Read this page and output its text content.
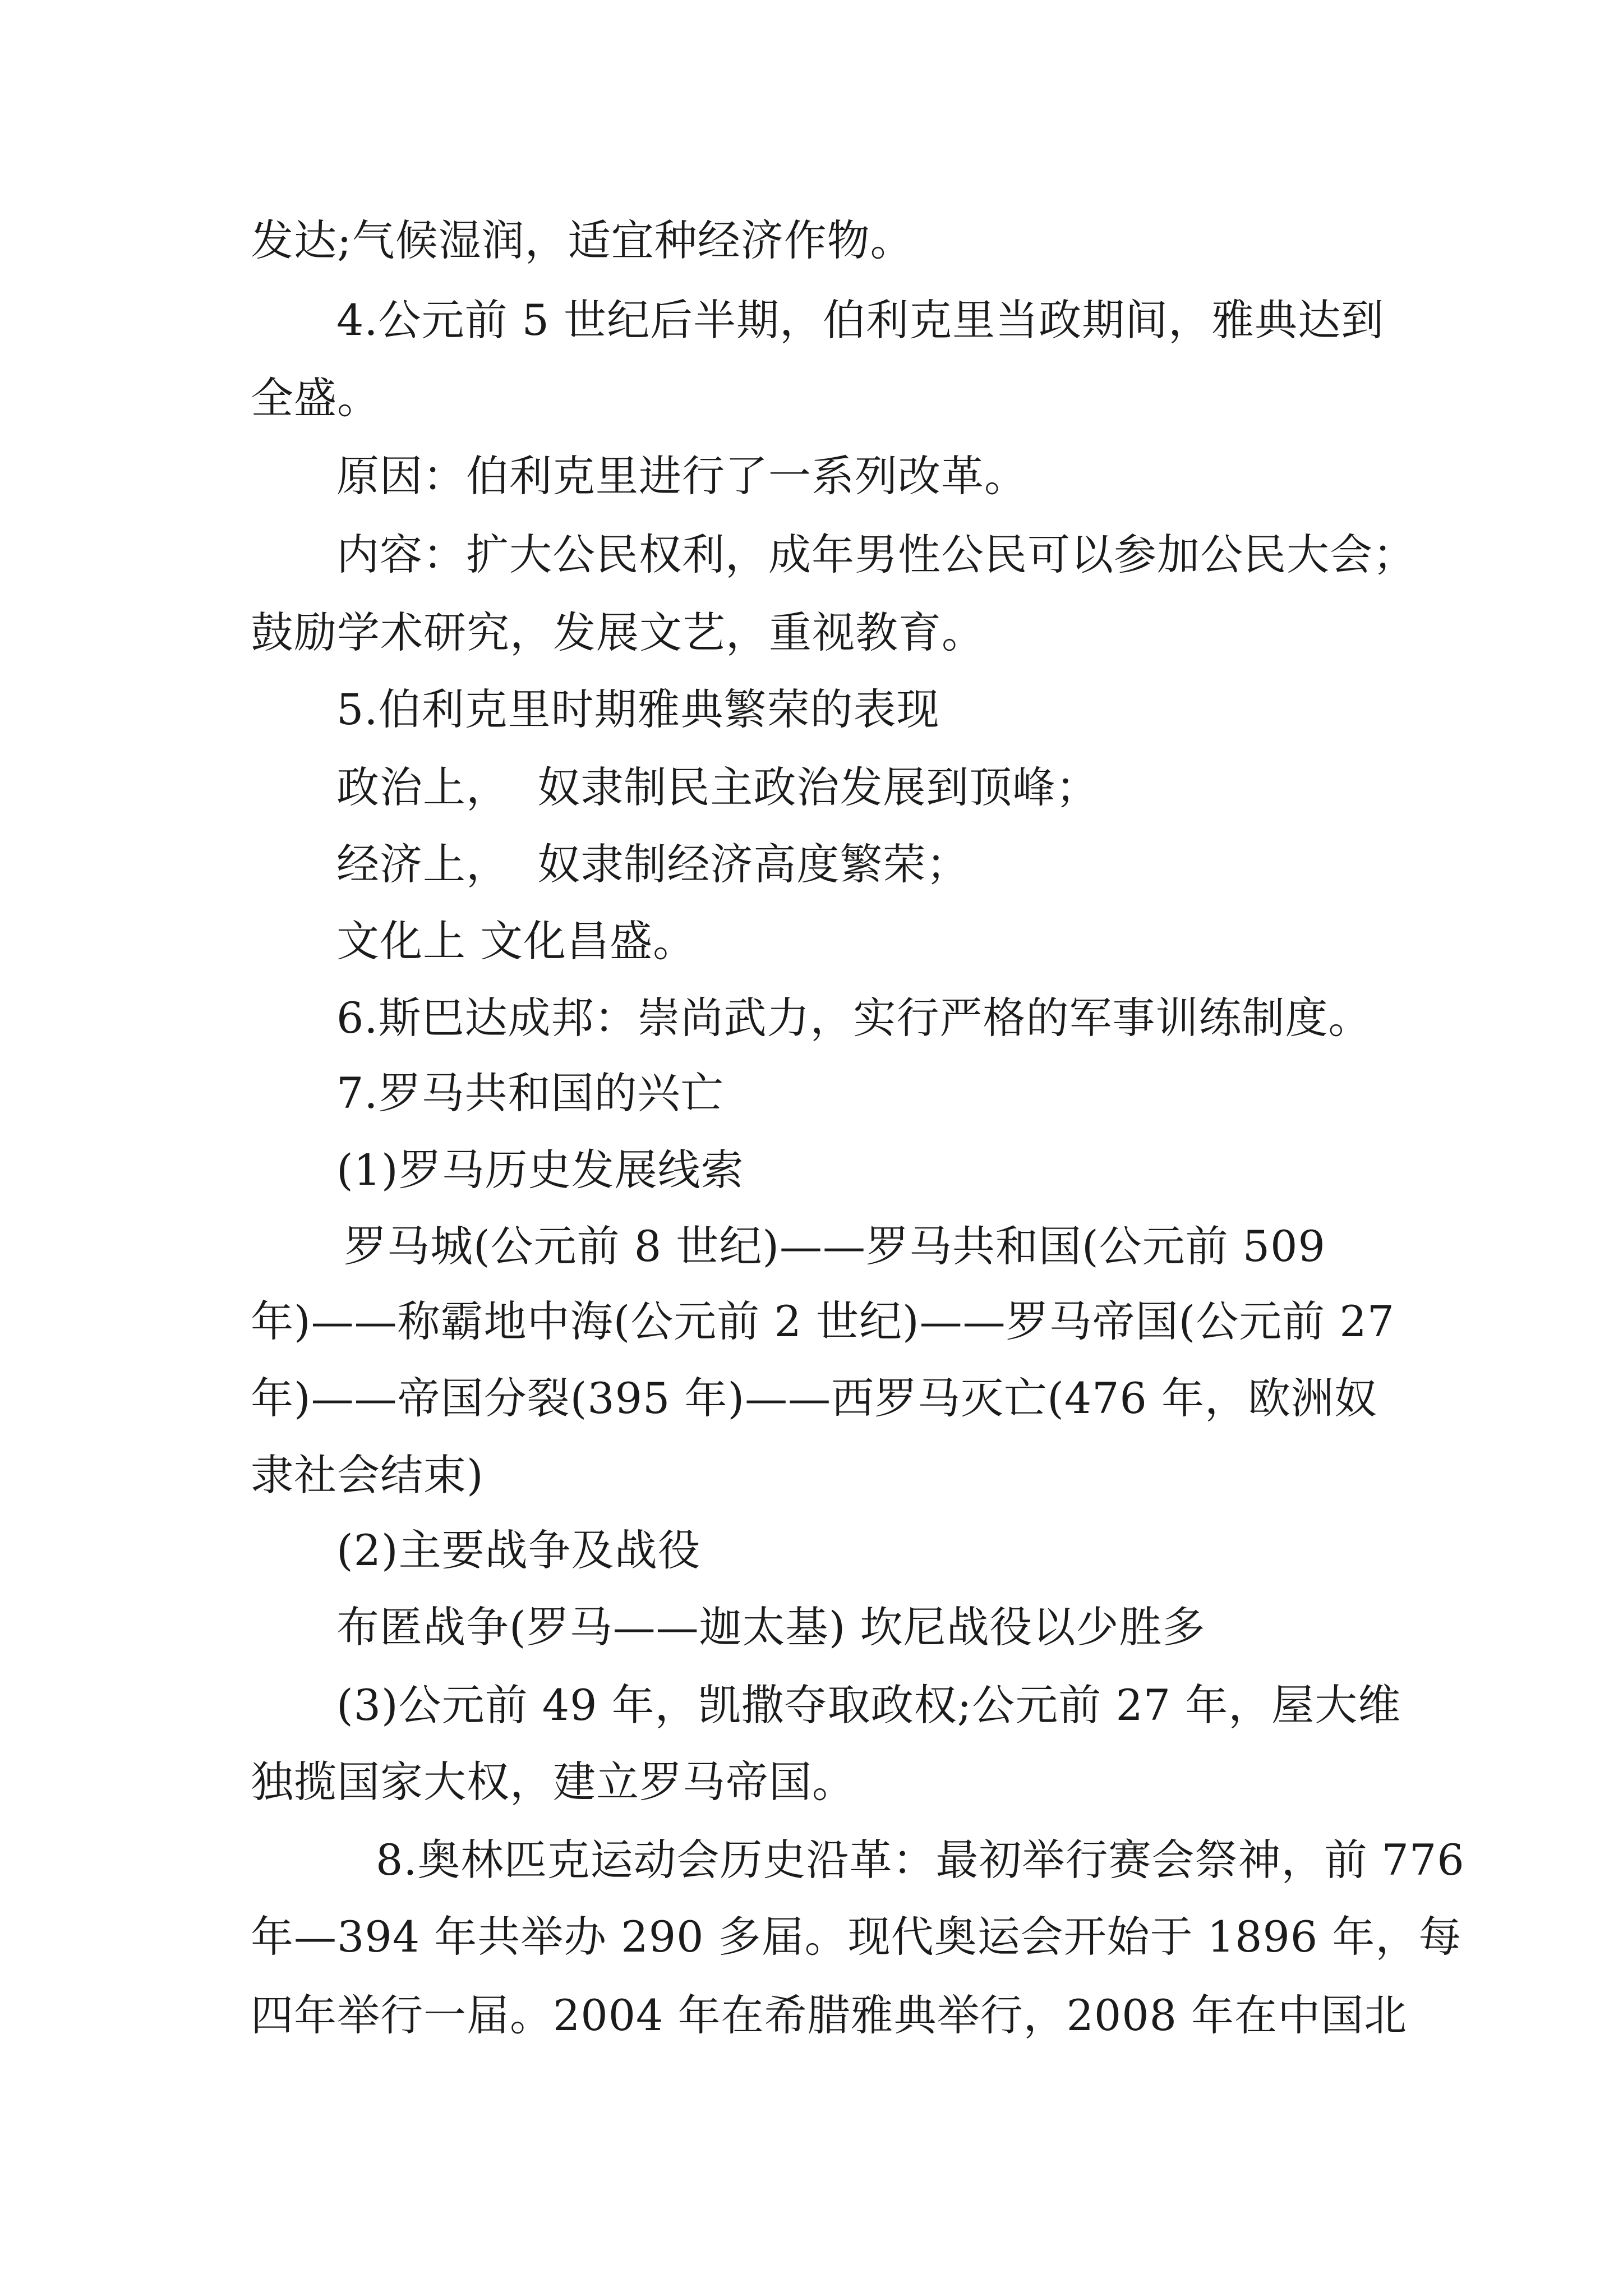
发达;气候湿润，适宜种经济作物。
4.公元前 5 世纪后半期，伯利克里当政期间，雅典达到
全盛。
原因：伯利克里进行了一系列改革。
内容：扩大公民权利，成年男性公民可以参加公民大会；
鼓励学术研究，发展文艺，重视教育。
5.伯利克里时期雅典繁荣的表现
政治上，  奴隶制民主政治发展到顶峰；
经济上，  奴隶制经济高度繁荣；
文化上 文化昌盛。
6.斯巴达成邦：崇尚武力，实行严格的军事训练制度。
7.罗马共和国的兴亡
(1)罗马历史发展线索
罗马城(公元前 8 世纪)——罗马共和国(公元前 509
年)——称霸地中海(公元前 2 世纪)——罗马帝国(公元前 27
年)——帝国分裂(395 年)——西罗马灭亡(476 年，欧洲奴
隶社会结束)
(2)主要战争及战役
布匿战争(罗马——迦太基) 坎尼战役以少胜多
(3)公元前 49 年，凯撒夺取政权;公元前 27 年，屋大维
独揽国家大权，建立罗马帝国。
8.奥林匹克运动会历史沿革：最初举行赛会祭神，前 776
年—394 年共举办 290 多届。现代奥运会开始于 1896 年，每
四年举行一届。2004 年在希腊雅典举行，2008 年在中国北
